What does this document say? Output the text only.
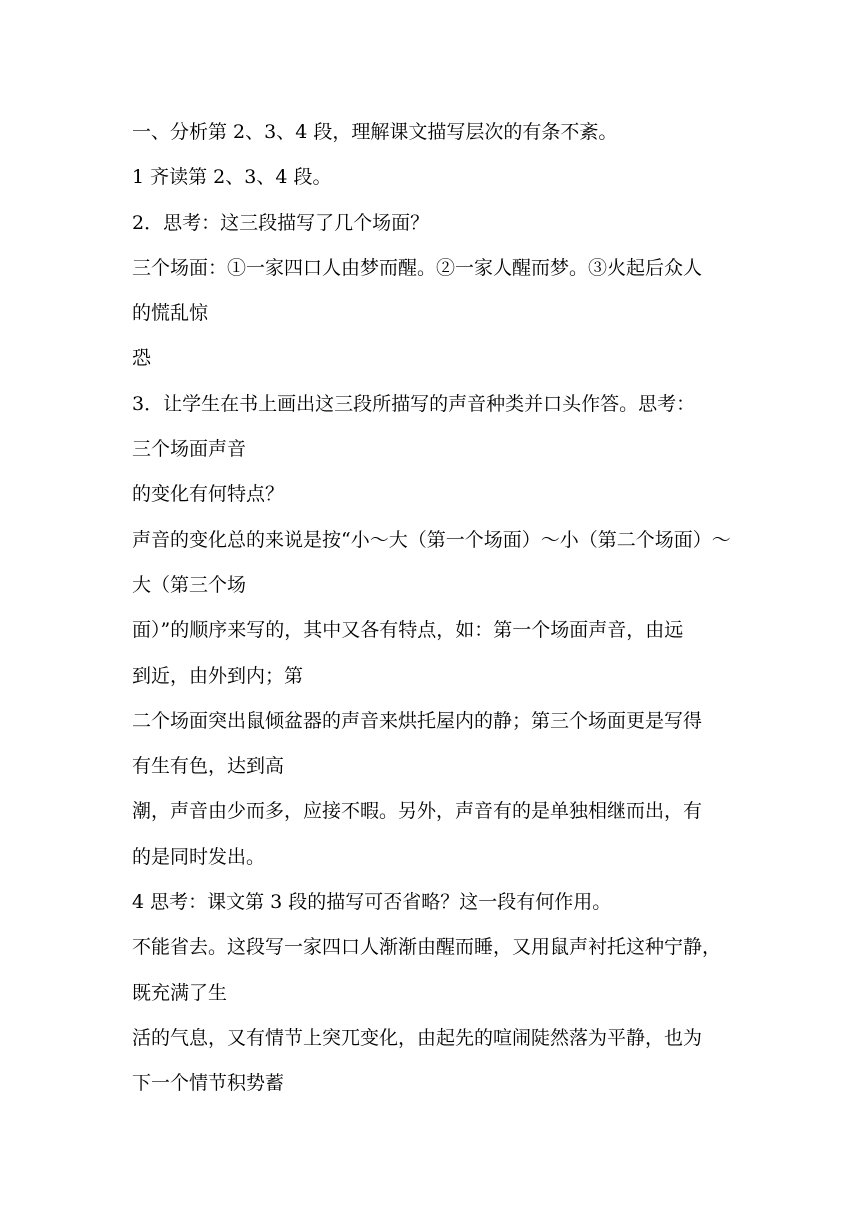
一、分析第 2、3、4 段，理解课文描写层次的有条不紊。
1 齐读第 2、3、4 段。
2．思考：这三段描写了几个场面？
三个场面：①一家四口人由梦而醒。②一家人醒而梦。③火起后众人
的慌乱惊
恐
3．让学生在书上画出这三段所描写的声音种类并口头作答。思考：
三个场面声音
的变化有何特点？
声音的变化总的来说是按“小～大（第一个场面）～小（第二个场面）～
大（第三个场
面）”的顺序来写的，其中又各有特点，如：第一个场面声音，由远
到近，由外到内；第
二个场面突出鼠倾盆器的声音来烘托屋内的静；第三个场面更是写得
有生有色，达到高
潮，声音由少而多，应接不暇。另外，声音有的是单独相继而出，有
的是同时发出。
4 思考：课文第 3 段的描写可否省略？这一段有何作用。
不能省去。这段写一家四口人渐渐由醒而睡，又用鼠声衬托这种宁静，
既充满了生
活的气息，又有情节上突兀变化，由起先的喧闹陡然落为平静，也为
下一个情节积势蓄
